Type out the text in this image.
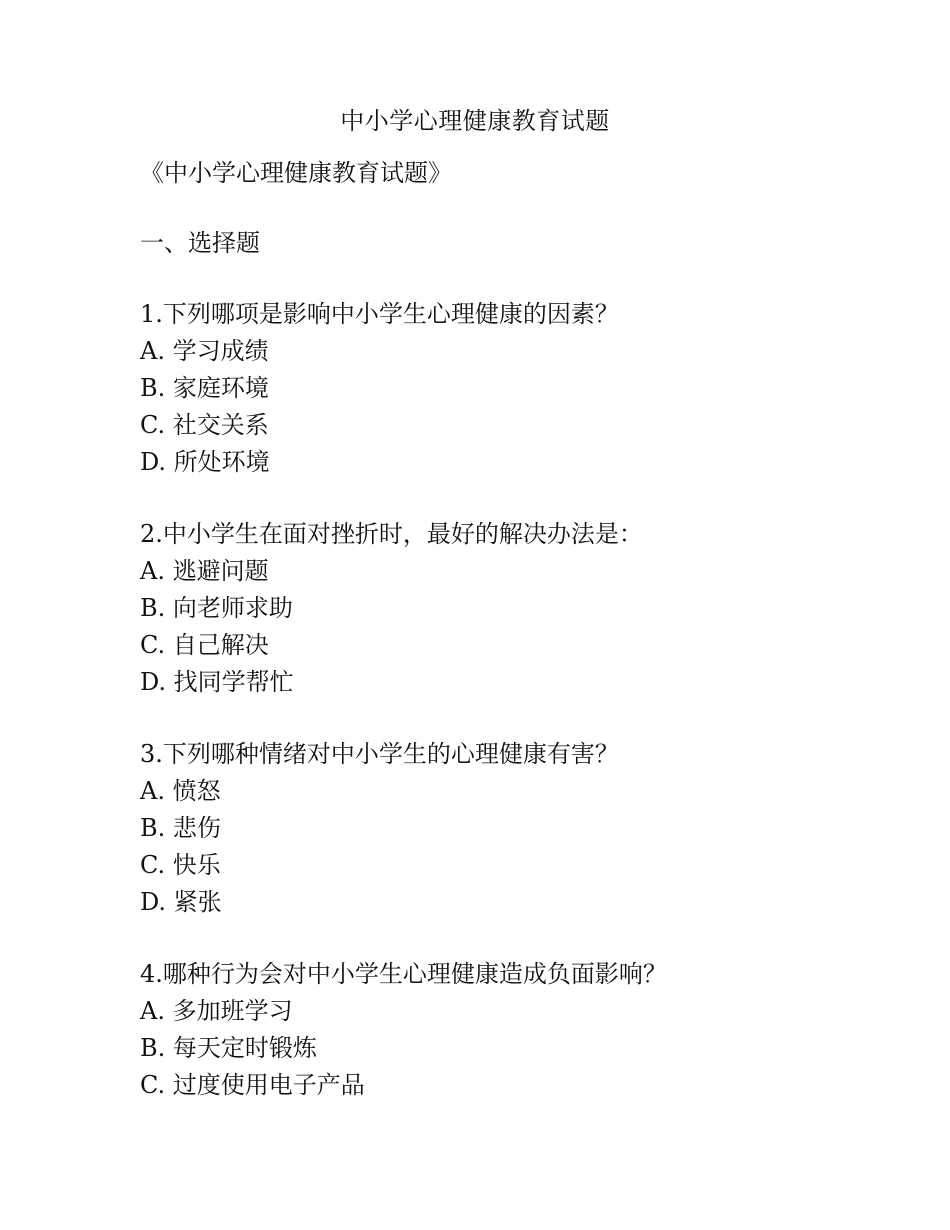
中小学心理健康教育试题
《中小学心理健康教育试题》
一、选择题
1.下列哪项是影响中小学生心理健康的因素？
A. 学习成绩
B. 家庭环境
C. 社交关系
D. 所处环境
2.中小学生在面对挫折时，最好的解决办法是：
A. 逃避问题
B. 向老师求助
C. 自己解决
D. 找同学帮忙
3.下列哪种情绪对中小学生的心理健康有害？
A. 愤怒
B. 悲伤
C. 快乐
D. 紧张
4.哪种行为会对中小学生心理健康造成负面影响？
A. 多加班学习
B. 每天定时锻炼
C. 过度使用电子产品
